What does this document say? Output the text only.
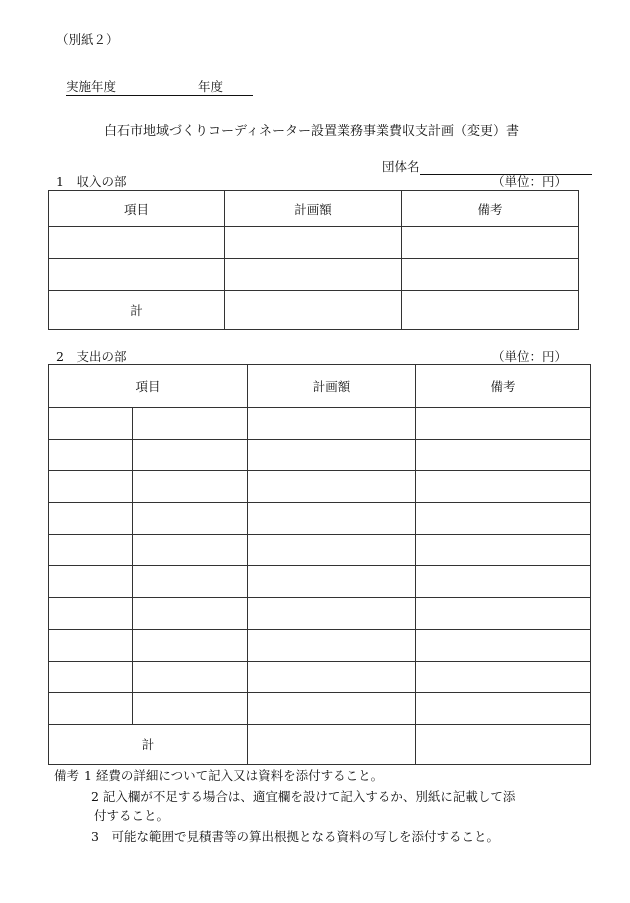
（別紙２）
実施年度	年度
白石市地域づくりコーディネーター設置業務事業費収支計画（変更）書
団体名
1　収入の部	（単位：円）
項目	計画額	備考

計		
2　支出の部	（単位：円）
項目		計画額	備考

計			
備考 1 経費の詳細について記入又は資料を添付すること。
2 記入欄が不足する場合は、適宜欄を設けて記入するか、別紙に記載して添
付すること。
3　可能な範囲で見積書等の算出根拠となる資料の写しを添付すること。
